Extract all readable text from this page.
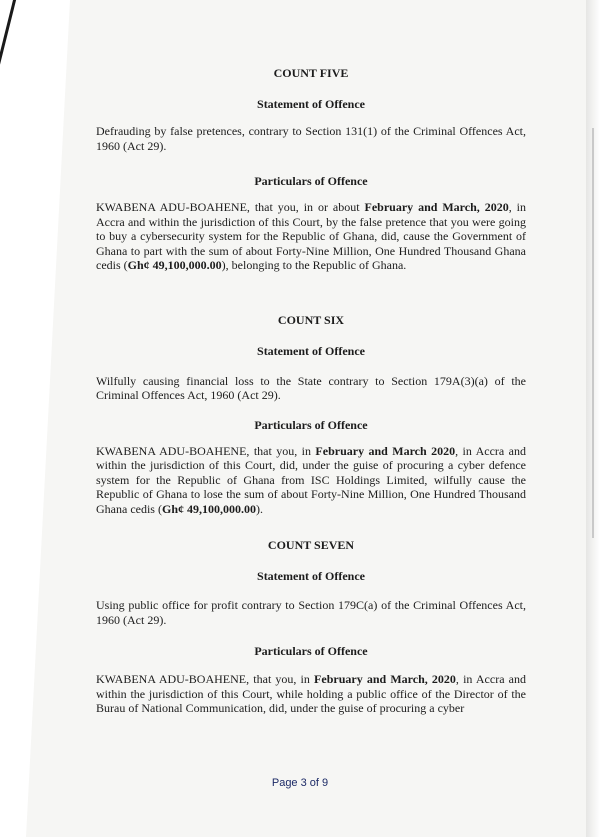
COUNT FIVE

Statement of Offence

Defrauding by false pretences, contrary to Section 131(1) of the Criminal Offences Act, 1960 (Act 29).

Particulars of Offence

KWABENA ADU-BOAHENE, that you, in or about February and March, 2020, in Accra and within the jurisdiction of this Court, by the false pretence that you were going to buy a cybersecurity system for the Republic of Ghana, did, cause the Government of Ghana to part with the sum of about Forty-Nine Million, One Hundred Thousand Ghana cedis (Gh¢ 49,100,000.00), belonging to the Republic of Ghana.

COUNT SIX

Statement of Offence

Wilfully causing financial loss to the State contrary to Section 179A(3)(a) of the Criminal Offences Act, 1960 (Act 29).

Particulars of Offence

KWABENA ADU-BOAHENE, that you, in February and March 2020, in Accra and within the jurisdiction of this Court, did, under the guise of procuring a cyber defence system for the Republic of Ghana from ISC Holdings Limited, wilfully cause the Republic of Ghana to lose the sum of about Forty-Nine Million, One Hundred Thousand Ghana cedis (Gh¢ 49,100,000.00).

COUNT SEVEN

Statement of Offence

Using public office for profit contrary to Section 179C(a) of the Criminal Offences Act, 1960 (Act 29).

Particulars of Offence

KWABENA ADU-BOAHENE, that you, in February and March, 2020, in Accra and within the jurisdiction of this Court, while holding a public office of the Director of the Burau of National Communication, did, under the guise of procuring a cyber

Page 3 of 9
